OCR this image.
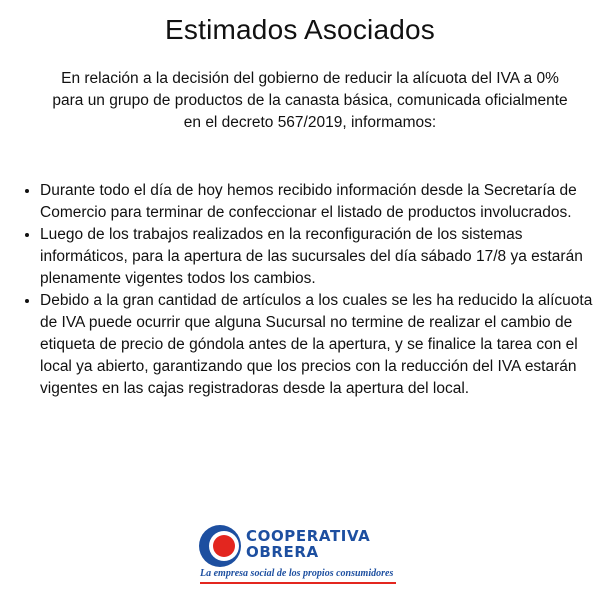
Estimados Asociados

En relación a la decisión del gobierno de reducir la alícuota del IVA a 0% para un grupo de productos de la canasta básica, comunicada oficialmente en el decreto 567/2019, informamos:

• Durante todo el día de hoy hemos recibido información desde la Secretaría de Comercio para terminar de confeccionar el listado de productos involucrados.
• Luego de los trabajos realizados en la reconfiguración de los sistemas informáticos, para la apertura de las sucursales del día sábado 17/8 ya estarán plenamente vigentes todos los cambios.
• Debido a la gran cantidad de artículos a los cuales se les ha reducido la alícuota de IVA puede ocurrir que alguna Sucursal no termine de realizar el cambio de etiqueta de precio de góndola antes de la apertura, y se finalice la tarea con el local ya abierto, garantizando que los precios con la reducción del IVA estarán vigentes en las cajas registradoras desde la apertura del local.
COOPERATIVA
OBRERA
La empresa social de los propios consumidores
